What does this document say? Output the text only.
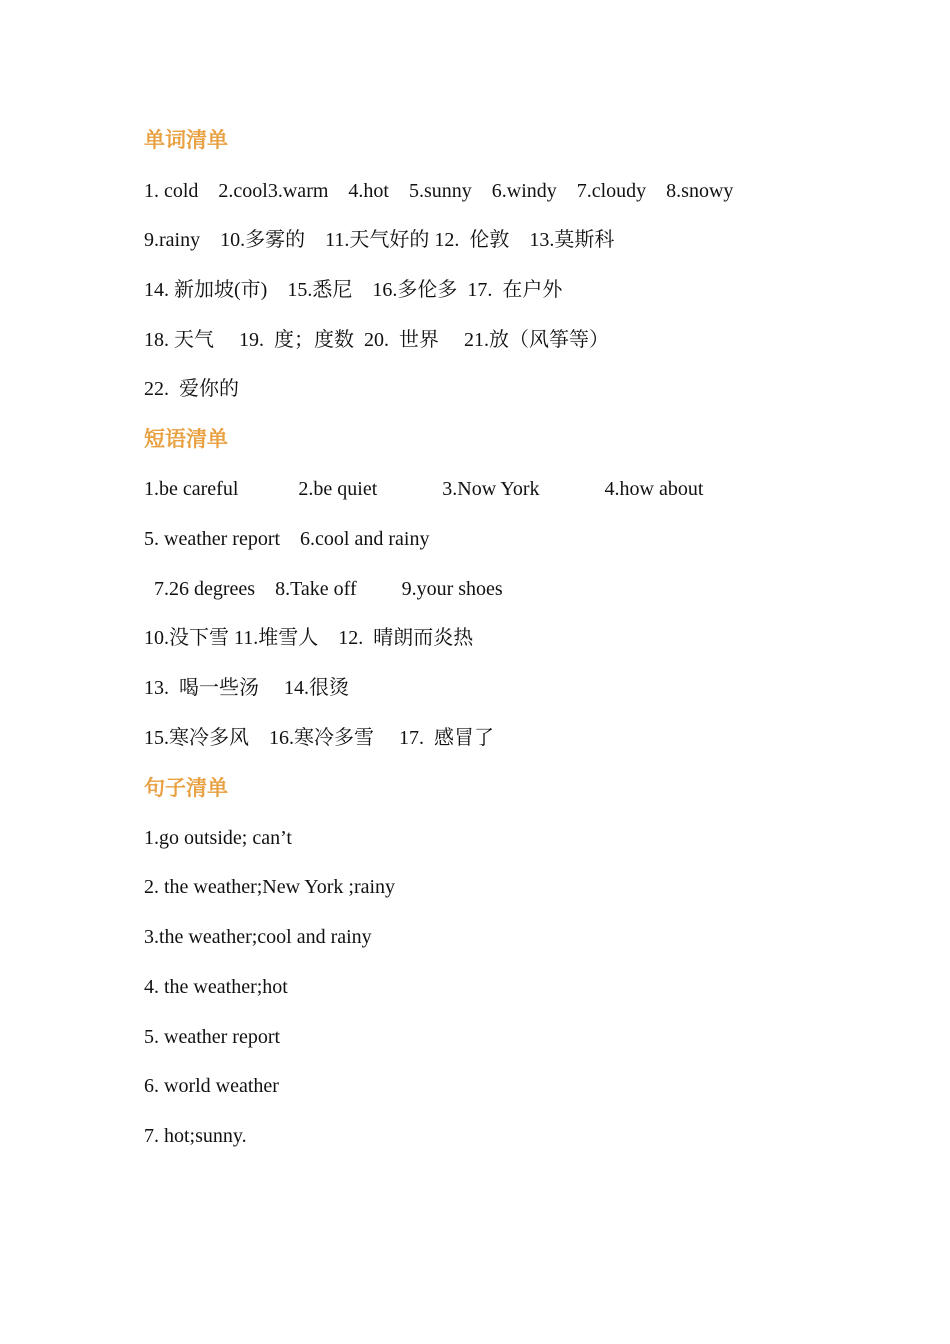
单词清单
1. cold    2.cool3.warm    4.hot    5.sunny    6.windy    7.cloudy    8.snowy
9.rainy    10.多雾的    11.天气好的 12.  伦敦    13.莫斯科
14. 新加坡(市)    15.悉尼    16.多伦多  17.  在户外
18. 天气     19.  度；度数  20.  世界     21.放（风筝等）
22.  爱你的
短语清单
1.be careful            2.be quiet             3.Now York             4.how about
5. weather report    6.cool and rainy
7.26 degrees    8.Take off         9.your shoes
10.没下雪 11.堆雪人    12.  晴朗而炎热
13.  喝一些汤     14.很烫
15.寒冷多风    16.寒冷多雪     17.  感冒了
句子清单
1.go outside; can’t
2. the weather;New York ;rainy
3.the weather;cool and rainy
4. the weather;hot
5. weather report
6. world weather
7. hot;sunny.
